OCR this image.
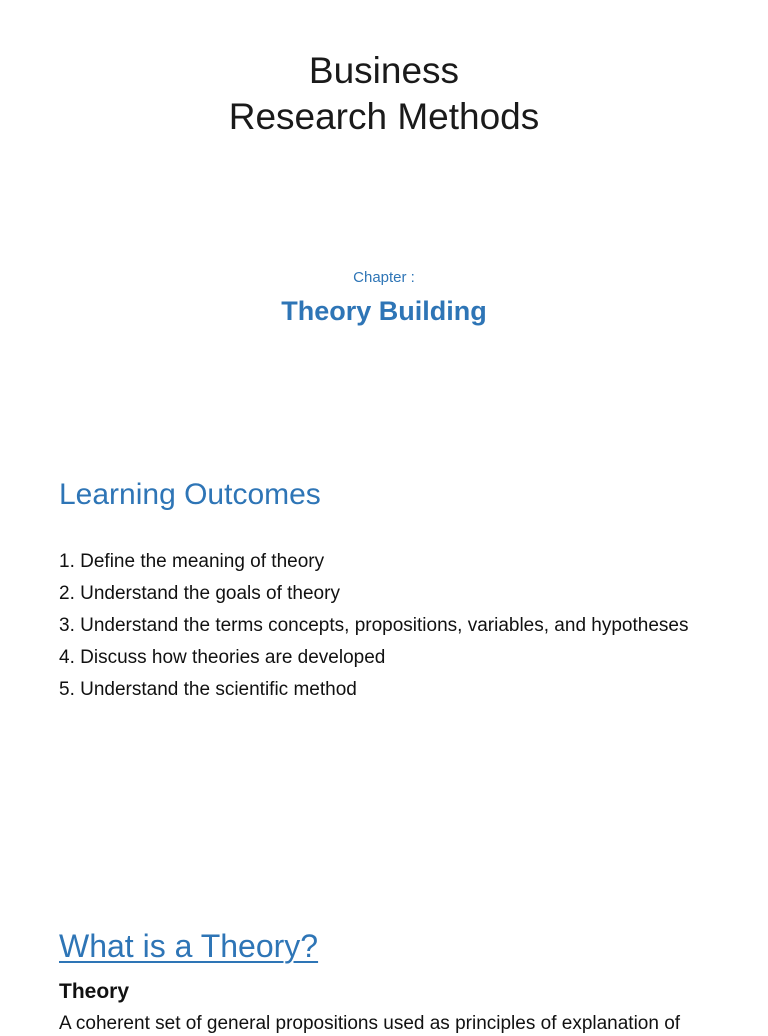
Business
Research Methods
Chapter :
Theory Building
Learning Outcomes
1. Define the meaning of theory
2. Understand the goals of theory
3. Understand the terms concepts, propositions, variables, and hypotheses
4. Discuss how theories are developed
5. Understand the scientific method
What is a Theory?
Theory
A coherent set of general propositions used as principles of explanation of
